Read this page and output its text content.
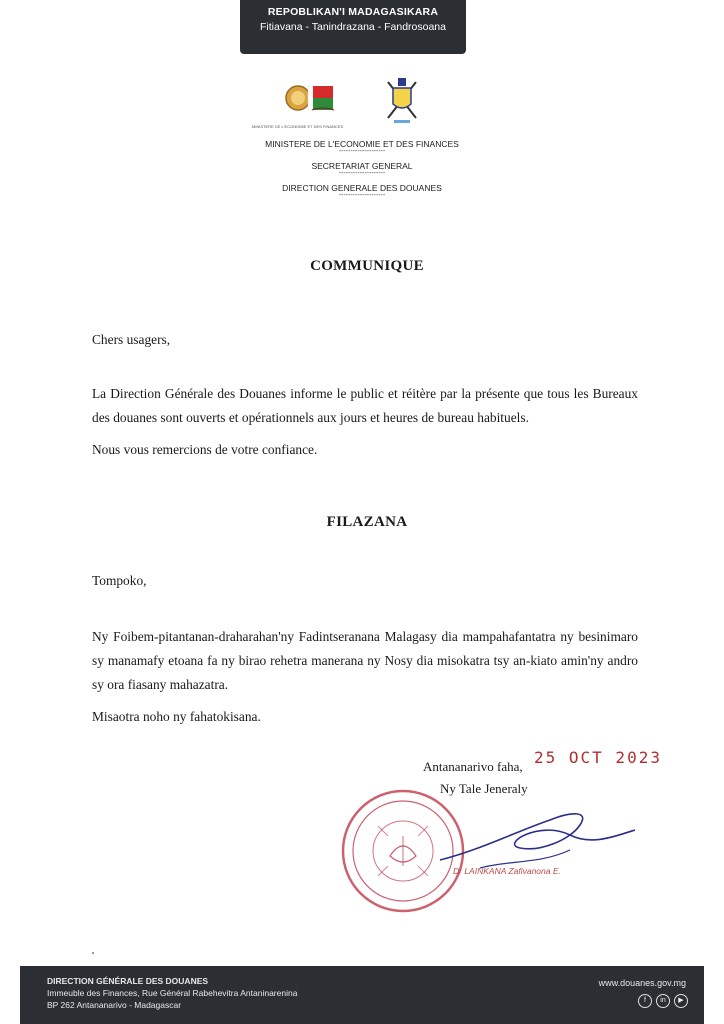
REPOBLIKAN'I MADAGASIKARA
Fitiavana - Tanindrazana - Fandrosoana
MINISTERE DE L'ECONOMIE ET DES FINANCES
MINISTERE DE L'ECONOMIE ET DES FINANCES
--------------------
SECRETARIAT GENERAL
--------------------
DIRECTION GENERALE DES DOUANES
--------------------
COMMUNIQUE
Chers usagers,
La Direction Générale des Douanes informe le public et réitère par la présente que tous les Bureaux des douanes sont ouverts et opérationnels aux jours et heures de bureau habituels.
Nous vous remercions de votre confiance.
FILAZANA
Tompoko,
Ny Foibem-pitantanan-draharahan'ny Fadintseranana Malagasy dia mampahafantatra ny besinimaro sy manamafy etoana fa ny birao rehetra manerana ny Nosy dia misokatra tsy an-kiato amin'ny andro sy ora fiasany mahazatra.
Misaotra noho ny fahatokisana.
Antananarivo faha, 25 OCT 2023
Ny Tale Jeneraly
Dr LAINKANA Zafivanona E.
DIRECTION GÉNÉRALE DES DOUANES
Immeuble des Finances, Rue Général Rabehevitra Antaninarenina
BP 262 Antananarivo - Madagascar
www.douanes.gov.mg
f	in	▶
